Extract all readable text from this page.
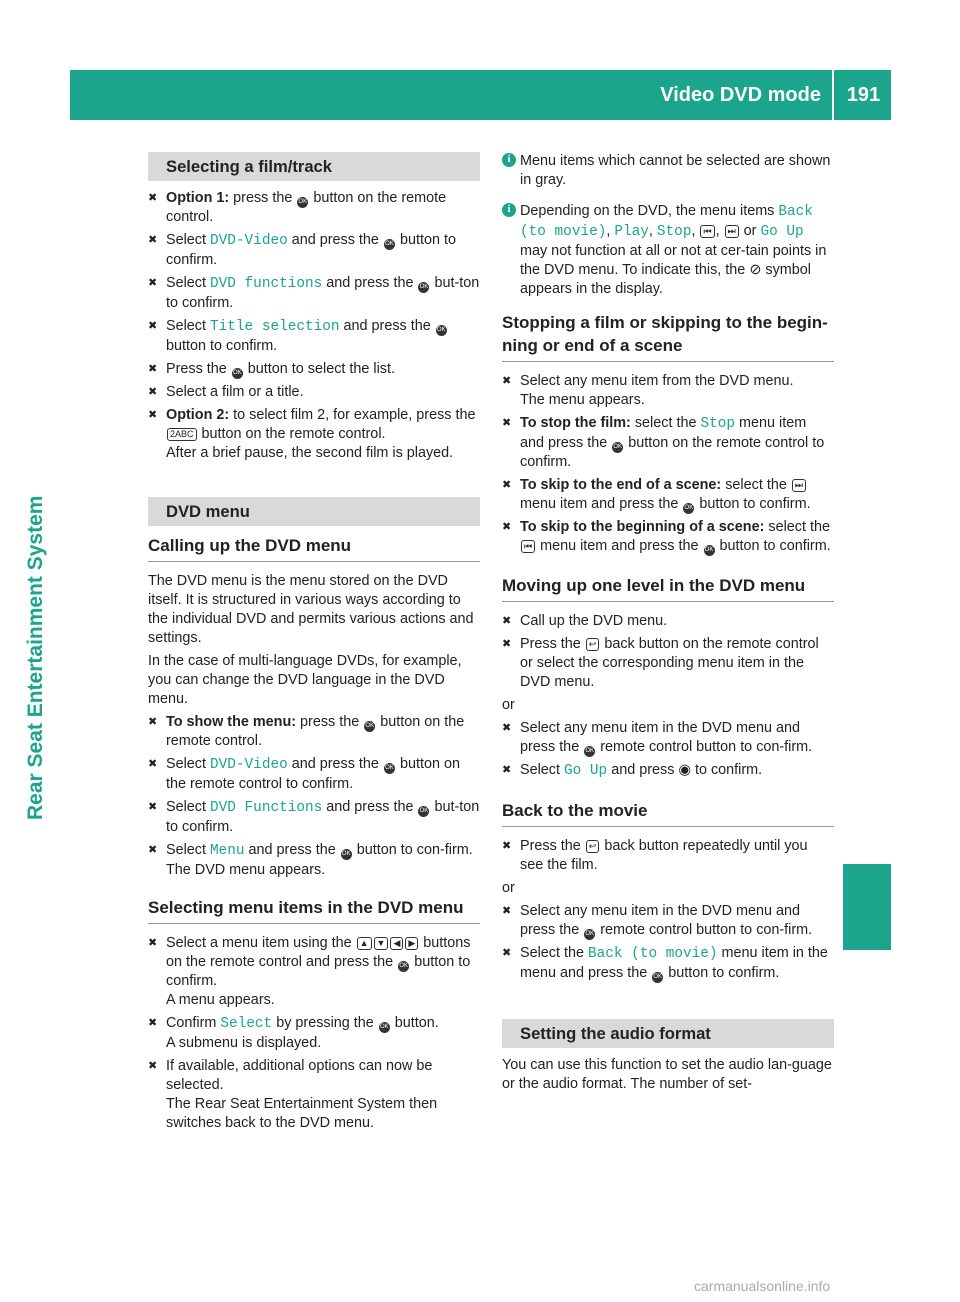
Video DVD mode	191
Rear Seat Entertainment System
Selecting a film/track
✖ Option 1: press the OK button on the remote control.
✖ Select DVD-Video and press the OK button to confirm.
✖ Select DVD functions and press the OK but-ton to confirm.
✖ Select Title selection and press the OK button to confirm.
✖ Press the OK button to select the list.
✖ Select a film or a title.
✖ Option 2: to select film 2, for example, press the 2ABC button on the remote control.
After a brief pause, the second film is played.
DVD menu
Calling up the DVD menu
The DVD menu is the menu stored on the DVD itself. It is structured in various ways according to the individual DVD and permits various actions and settings.
In the case of multi-language DVDs, for example, you can change the DVD language in the DVD menu.
✖ To show the menu: press the OK button on the remote control.
✖ Select DVD-Video and press the OK button on the remote control to confirm.
✖ Select DVD Functions and press the OK but-ton to confirm.
✖ Select Menu and press the OK button to con-firm.
The DVD menu appears.
Selecting menu items in the DVD menu
✖ Select a menu item using the ▲ ▼ ◀ ▶ buttons on the remote control and press the OK button to confirm.
A menu appears.
✖ Confirm Select by pressing the OK button.
A submenu is displayed.
✖ If available, additional options can now be selected.
The Rear Seat Entertainment System then switches back to the DVD menu.
i Menu items which cannot be selected are shown in gray.
i Depending on the DVD, the menu items Back (to movie), Play, Stop, ⏮ , ⏭ or Go Up may not function at all or not at cer-tain points in the DVD menu. To indicate this, the ⊘ symbol appears in the display.
Stopping a film or skipping to the begin-ning or end of a scene
✖ Select any menu item from the DVD menu.
The menu appears.
✖ To stop the film: select the Stop menu item and press the OK button on the remote control to confirm.
✖ To skip to the end of a scene: select the ⏭ menu item and press the OK button to confirm.
✖ To skip to the beginning of a scene: select the ⏮ menu item and press the OK button to confirm.
Moving up one level in the DVD menu
✖ Call up the DVD menu.
✖ Press the ↩ back button on the remote control or select the corresponding menu item in the DVD menu.
or
✖ Select any menu item in the DVD menu and press the OK remote control button to con-firm.
✖ Select Go Up and press ◉ to confirm.
Back to the movie
✖ Press the ↩ back button repeatedly until you see the film.
or
✖ Select any menu item in the DVD menu and press the OK remote control button to con-firm.
✖ Select the Back (to movie) menu item in the menu and press the OK button to confirm.
Setting the audio format
You can use this function to set the audio lan-guage or the audio format. The number of set-
carmanualsonline.info
